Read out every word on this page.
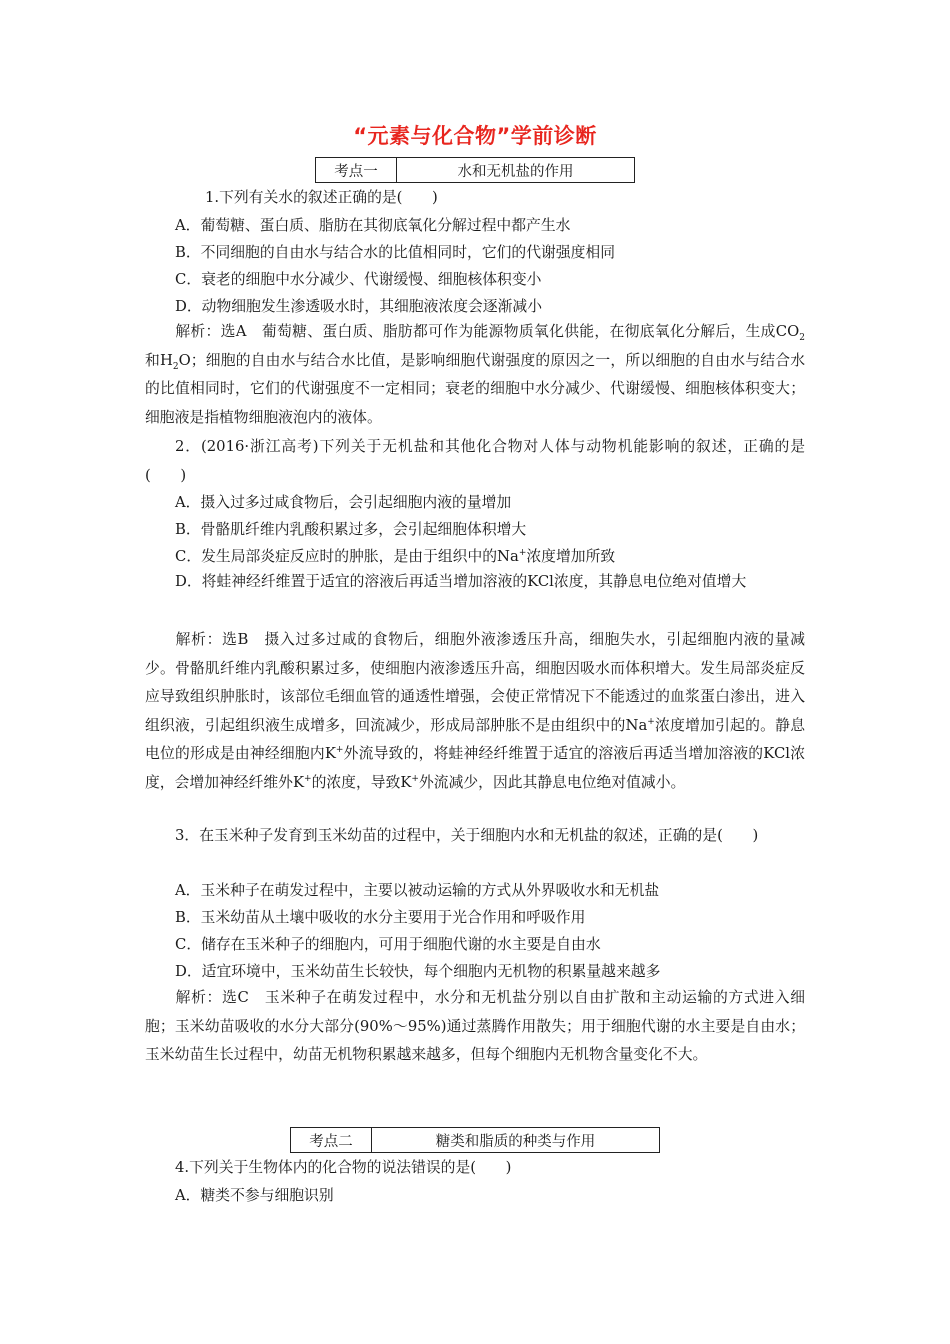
“元素与化合物”学前诊断
考点一	水和无机盐的作用
1.下列有关水的叙述正确的是(　　)
A．葡萄糖、蛋白质、脂肪在其彻底氧化分解过程中都产生水
B．不同细胞的自由水与结合水的比值相同时，它们的代谢强度相同
C．衰老的细胞中水分减少、代谢缓慢、细胞核体积变小
D．动物细胞发生渗透吸水时，其细胞液浓度会逐渐减小
解析：选A　葡萄糖、蛋白质、脂肪都可作为能源物质氧化供能，在彻底氧化分解后，生成$CO_2$和$H_2O$；细胞的自由水与结合水比值，是影响细胞代谢强度的原因之一，所以细胞的自由水与结合水的比值相同时，它们的代谢强度不一定相同；衰老的细胞中水分减少、代谢缓慢、细胞核体积变大；细胞液是指植物细胞液泡内的液体。
2．(2016·浙江高考)下列关于无机盐和其他化合物对人体与动物机能影响的叙述，正确的是(　　)
A．摄入过多过咸食物后，会引起细胞内液的量增加
B．骨骼肌纤维内乳酸积累过多，会引起细胞体积增大
C．发生局部炎症反应时的肿胀，是由于组织中的Na+浓度增加所致
D．将蛙神经纤维置于适宜的溶液后再适当增加溶液的KCl浓度，其静息电位绝对值增大
解析：选B　摄入过多过咸的食物后，细胞外液渗透压升高，细胞失水，引起细胞内液的量减少。骨骼肌纤维内乳酸积累过多，使细胞内液渗透压升高，细胞因吸水而体积增大。发生局部炎症反应导致组织肿胀时，该部位毛细血管的通透性增强，会使正常情况下不能透过的血浆蛋白渗出，进入组织液，引起组织液生成增多，回流减少，形成局部肿胀不是由组织中的Na+浓度增加引起的。静息电位的形成是由神经细胞内K+外流导致的，将蛙神经纤维置于适宜的溶液后再适当增加溶液的KCl浓度，会增加神经纤维外K+的浓度，导致K+外流减少，因此其静息电位绝对值减小。
3．在玉米种子发育到玉米幼苗的过程中，关于细胞内水和无机盐的叙述，正确的是(　　)
A．玉米种子在萌发过程中，主要以被动运输的方式从外界吸收水和无机盐
B．玉米幼苗从土壤中吸收的水分主要用于光合作用和呼吸作用
C．储存在玉米种子的细胞内，可用于细胞代谢的水主要是自由水
D．适宜环境中，玉米幼苗生长较快，每个细胞内无机物的积累量越来越多
解析：选C　玉米种子在萌发过程中，水分和无机盐分别以自由扩散和主动运输的方式进入细胞；玉米幼苗吸收的水分大部分(90%～95%)通过蒸腾作用散失；用于细胞代谢的水主要是自由水；玉米幼苗生长过程中，幼苗无机物积累越来越多，但每个细胞内无机物含量变化不大。
考点二	糖类和脂质的种类与作用
4.下列关于生物体内的化合物的说法错误的是(　　)
A．糖类不参与细胞识别
